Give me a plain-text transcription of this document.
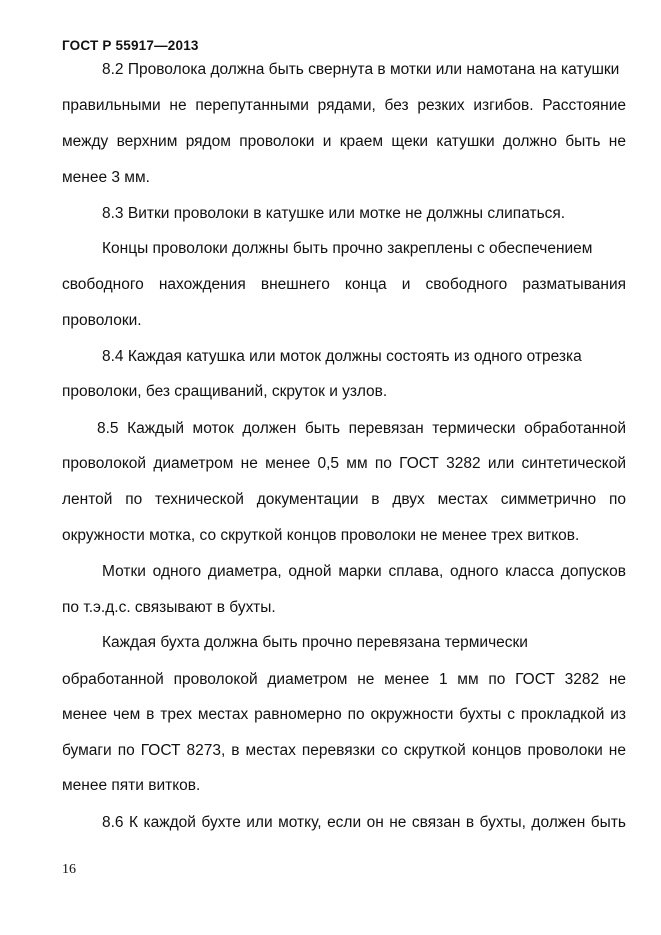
ГОСТ Р 55917—2013
8.2 Проволока должна быть свернута в мотки или намотана на катушки
правильными не перепутанными рядами, без резких изгибов. Расстояние
между верхним рядом проволоки и краем щеки катушки должно быть не
менее 3 мм.
8.3 Витки проволоки в катушке или мотке не должны слипаться.
Концы проволоки должны быть прочно закреплены с обеспечением
свободного нахождения внешнего конца и свободного разматывания
проволоки.
8.4 Каждая катушка или моток должны состоять из одного отрезка
проволоки, без сращиваний, скруток и узлов.
8.5 Каждый моток должен быть перевязан термически обработанной
проволокой диаметром не менее 0,5 мм по ГОСТ 3282 или синтетической
лентой по технической документации в двух местах симметрично по
окружности мотка, со скруткой концов проволоки не менее трех витков.
Мотки одного диаметра, одной марки сплава, одного класса допусков
по т.э.д.с. связывают в бухты.
Каждая бухта должна быть прочно перевязана термически
обработанной проволокой диаметром не менее 1 мм по ГОСТ 3282 не
менее чем в трех местах равномерно по окружности бухты с прокладкой из
бумаги по ГОСТ 8273, в местах перевязки со скруткой концов проволоки не
менее пяти витков.
8.6 К каждой бухте или мотку, если он не связан в бухты, должен быть
16
